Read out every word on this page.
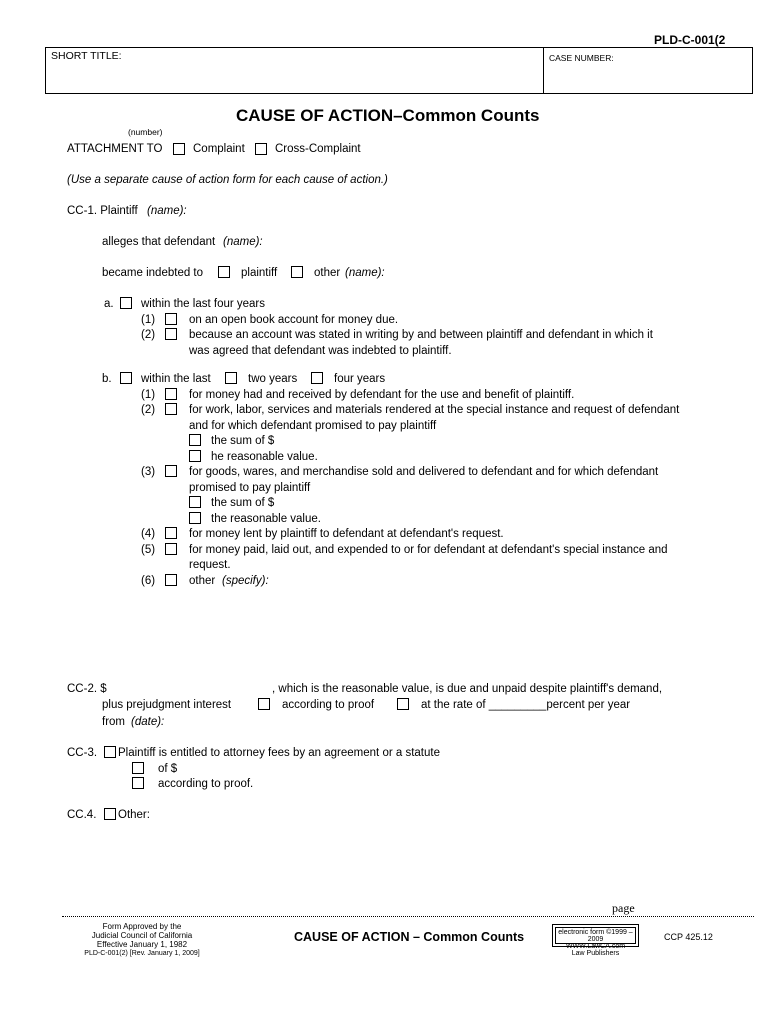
PLD-C-001(2
SHORT TITLE:	CASE NUMBER:
CAUSE OF ACTION–Common Counts
(number)
ATTACHMENT TO	Complaint	Cross-Complaint
(Use a separate cause of action form for each cause of action.)
CC-1. Plaintiff (name):
alleges that defendant (name):
became indebted to	plaintiff	other (name):
a. within the last four years
(1)	on an open book account for money due.
(2)	because an account was stated in writing by and between plaintiff and defendant in which it
was agreed that defendant was indebted to plaintiff.
b.	within the last	two years	four years
(1)	for money had and received by defendant for the use and benefit of plaintiff.
(2)	for work, labor, services and materials rendered at the special instance and request of defendant
and for which defendant promised to pay plaintiff
the sum of $
he reasonable value.
(3)	for goods, wares, and merchandise sold and delivered to defendant and for which defendant
promised to pay plaintiff
the sum of $
the reasonable value.
(4)	for money lent by plaintiff to defendant at defendant's request.
(5)	for money paid, laid out, and expended to or for defendant at defendant's special instance and
request.
(6)	other (specify):
CC-2. $	, which is the reasonable value, is due and unpaid despite plaintiff's demand,
plus prejudgment interest	according to proof	at the rate of _________percent per year
from (date):
CC-3. Plaintiff is entitled to attorney fees by an agreement or a statute
of $
according to proof.
CC.4. Other:
page
Form Approved by the
Judicial Council of California
Effective January 1, 1982
PLD-C-001(2) [Rev. January 1, 2009]
CAUSE OF ACTION – Common Counts	electronic form ©1999 – 2009
WWW.LawCA.com
Law Publishers
CCP 425.12
